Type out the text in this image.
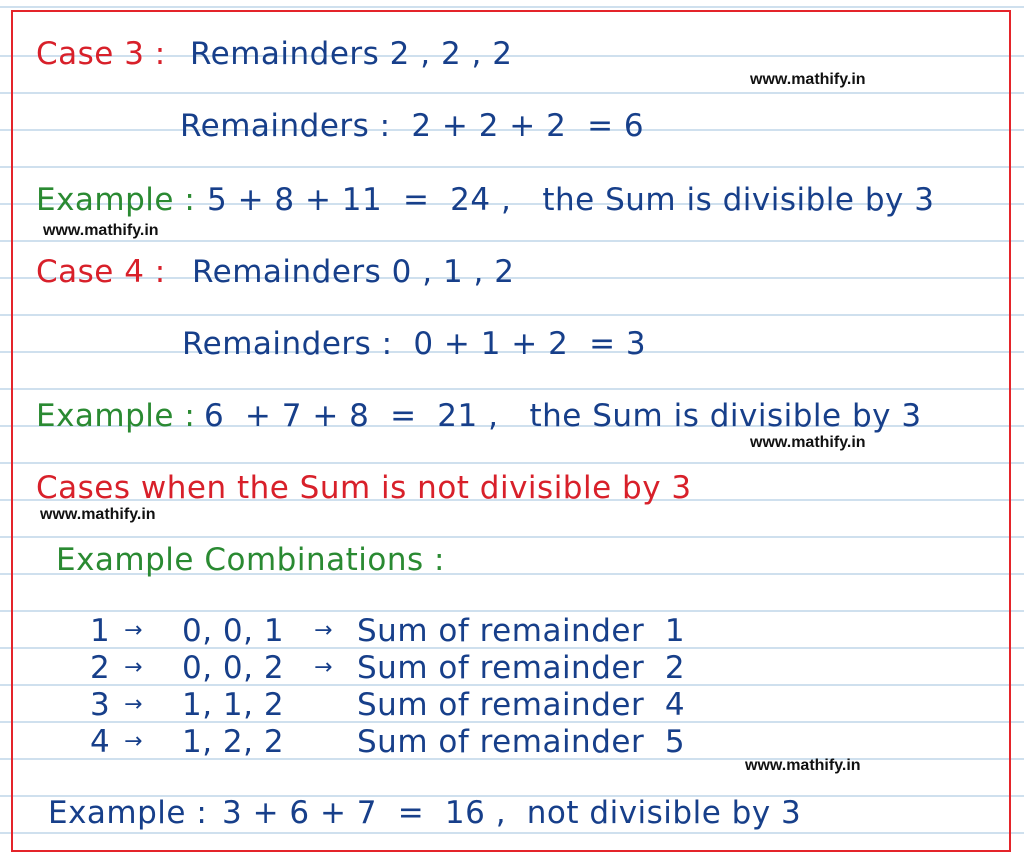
Case 3 : Remainders 2 , 2 , 2
www.mathify.in
Remainders :  2 + 2 + 2  = 6
Example : 5 + 8 + 11  =  24 ,   the Sum is divisible by 3
www.mathify.in
Case 4 : Remainders 0 , 1 , 2
Remainders :  0 + 1 + 2  = 3
Example : 6  + 7 + 8  =  21 ,   the Sum is divisible by 3
www.mathify.in
Cases when the Sum is not divisible by 3
www.mathify.in
Example Combinations :
1 → 0, 0, 1 → Sum of remainder  1
2 → 0, 0, 2 → Sum of remainder  2
3 → 1, 1, 2 Sum of remainder  4
4 → 1, 2, 2 Sum of remainder  5
www.mathify.in
Example : 3 + 6 + 7  =  16 ,  not divisible by 3
